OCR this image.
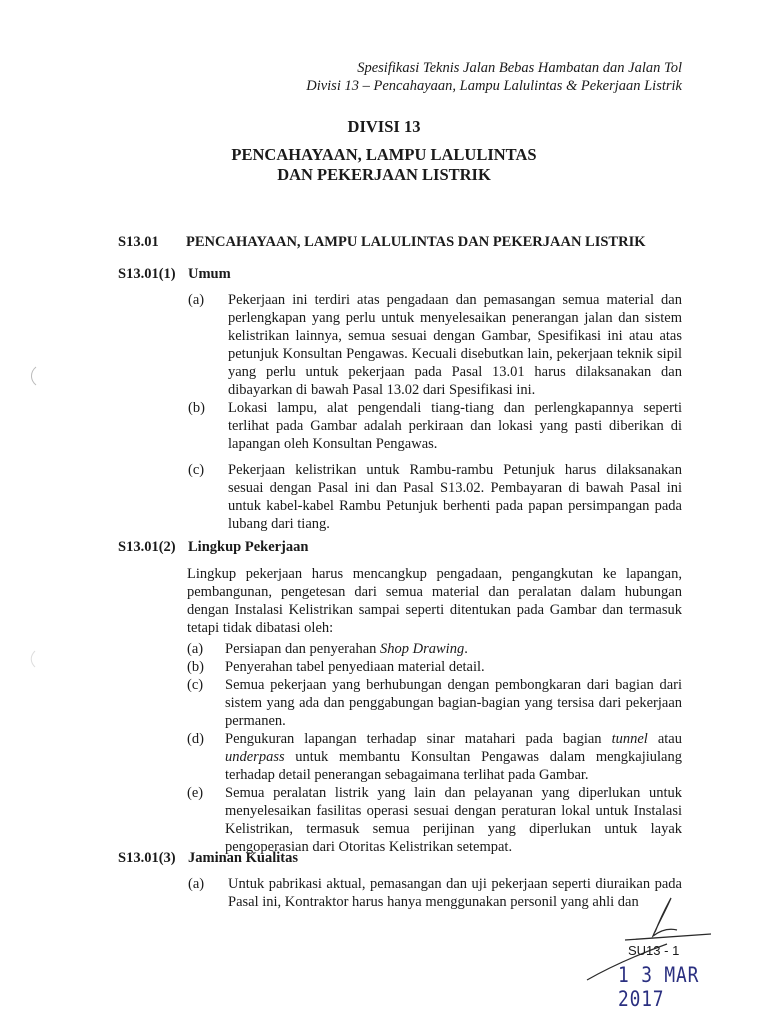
Spesifikasi Teknis Jalan Bebas Hambatan dan Jalan Tol
Divisi 13 – Pencahayaan, Lampu Lalulintas & Pekerjaan Listrik
DIVISI 13
PENCAHAYAAN, LAMPU LALULINTAS
DAN PEKERJAAN LISTRIK
S13.01 PENCAHAYAAN, LAMPU LALULINTAS DAN PEKERJAAN LISTRIK
S13.01(1) Umum
(a) Pekerjaan ini terdiri atas pengadaan dan pemasangan semua material dan perlengkapan yang perlu untuk menyelesaikan penerangan jalan dan sistem kelistrikan lainnya, semua sesuai dengan Gambar, Spesifikasi ini atau atas petunjuk Konsultan Pengawas. Kecuali disebutkan lain, pekerjaan teknik sipil yang perlu untuk pekerjaan pada Pasal 13.01 harus dilaksanakan dan dibayarkan di bawah Pasal 13.02 dari Spesifikasi ini.
(b) Lokasi lampu, alat pengendali tiang-tiang dan perlengkapannya seperti terlihat pada Gambar adalah perkiraan dan lokasi yang pasti diberikan di lapangan oleh Konsultan Pengawas.
(c) Pekerjaan kelistrikan untuk Rambu-rambu Petunjuk harus dilaksanakan sesuai dengan Pasal ini dan Pasal S13.02. Pembayaran di bawah Pasal ini untuk kabel-kabel Rambu Petunjuk berhenti pada papan persimpangan pada lubang dari tiang.
S13.01(2) Lingkup Pekerjaan

Lingkup pekerjaan harus mencangkup pengadaan, pengangkutan ke lapangan, pembangunan, pengetesan dari semua material dan peralatan dalam hubungan dengan Instalasi Kelistrikan sampai seperti ditentukan pada Gambar dan termasuk tetapi tidak dibatasi oleh:

(a) Persiapan dan penyerahan Shop Drawing.
(b) Penyerahan tabel penyediaan material detail.
(c) Semua pekerjaan yang berhubungan dengan pembongkaran dari bagian dari sistem yang ada dan penggabungan bagian-bagian yang tersisa dari pekerjaan permanen.
(d) Pengukuran lapangan terhadap sinar matahari pada bagian tunnel atau underpass untuk membantu Konsultan Pengawas dalam mengkajiulang terhadap detail penerangan sebagaimana terlihat pada Gambar.
(e) Semua peralatan listrik yang lain dan pelayanan yang diperlukan untuk menyelesaikan fasilitas operasi sesuai dengan peraturan lokal untuk Instalasi Kelistrikan, termasuk semua perijinan yang diperlukan untuk layak pengoperasian dari Otoritas Kelistrikan setempat.
S13.01(3) Jaminan Kualitas
(a) Untuk pabrikasi aktual, pemasangan dan uji pekerjaan seperti diuraikan pada Pasal ini, Kontraktor harus hanya menggunakan personil yang ahli dan
SU13 - 1
1 3 MAR 2017
